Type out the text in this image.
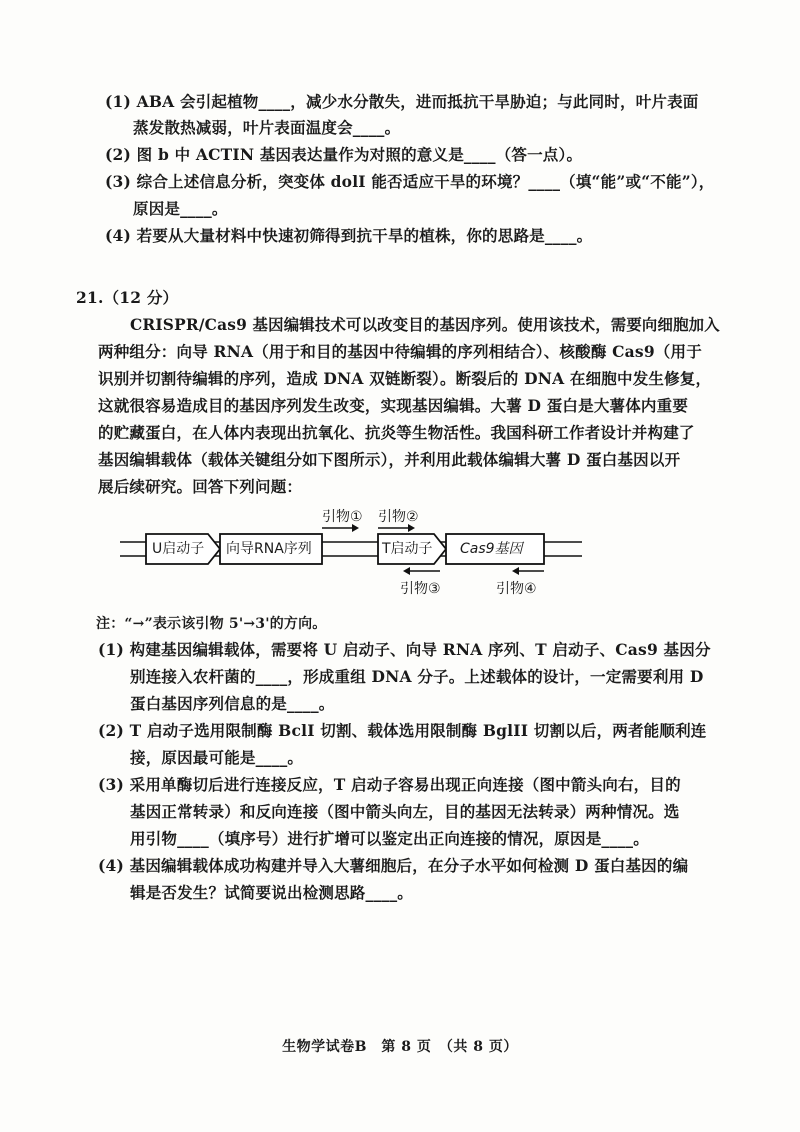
(1) ABA 会引起植物____，减少水分散失，进而抵抗干旱胁迫；与此同时，叶片表面
蒸发散热减弱，叶片表面温度会____。
(2) 图 b 中 ACTIN 基因表达量作为对照的意义是____（答一点）。
(3) 综合上述信息分析，突变体 dolI 能否适应干旱的环境？____（填“能”或“不能”），
原因是____。
(4) 若要从大量材料中快速初筛得到抗干旱的植株，你的思路是____。
21.（12 分）
CRISPR/Cas9 基因编辑技术可以改变目的基因序列。使用该技术，需要向细胞加入
两种组分：向导 RNA（用于和目的基因中待编辑的序列相结合）、核酸酶 Cas9（用于
识别并切割待编辑的序列，造成 DNA 双链断裂）。断裂后的 DNA 在细胞中发生修复，
这就很容易造成目的基因序列发生改变，实现基因编辑。大薯 D 蛋白是大薯体内重要
的贮藏蛋白，在人体内表现出抗氧化、抗炎等生物活性。我国科研工作者设计并构建了
基因编辑载体（载体关键组分如下图所示），并利用此载体编辑大薯 D 蛋白基因以开
展后续研究。回答下列问题：
U启动子 向导RNA序列	T启动子 Cas9基因
引物① 引物②
引物③	引物④
注：“→”表示该引物 5'→3'的方向。
(1) 构建基因编辑载体，需要将 U 启动子、向导 RNA 序列、T 启动子、Cas9 基因分
别连接入农杆菌的____，形成重组 DNA 分子。上述载体的设计，一定需要利用 D
蛋白基因序列信息的是____。
(2) T 启动子选用限制酶 BclI 切割、载体选用限制酶 BglII 切割以后，两者能顺利连
接，原因最可能是____。
(3) 采用单酶切后进行连接反应，T 启动子容易出现正向连接（图中箭头向右，目的
基因正常转录）和反向连接（图中箭头向左，目的基因无法转录）两种情况。选
用引物____（填序号）进行扩增可以鉴定出正向连接的情况，原因是____。
(4) 基因编辑载体成功构建并导入大薯细胞后，在分子水平如何检测 D 蛋白基因的编
辑是否发生？试简要说出检测思路____。
生物学试卷B　第 8 页　（共 8 页）
